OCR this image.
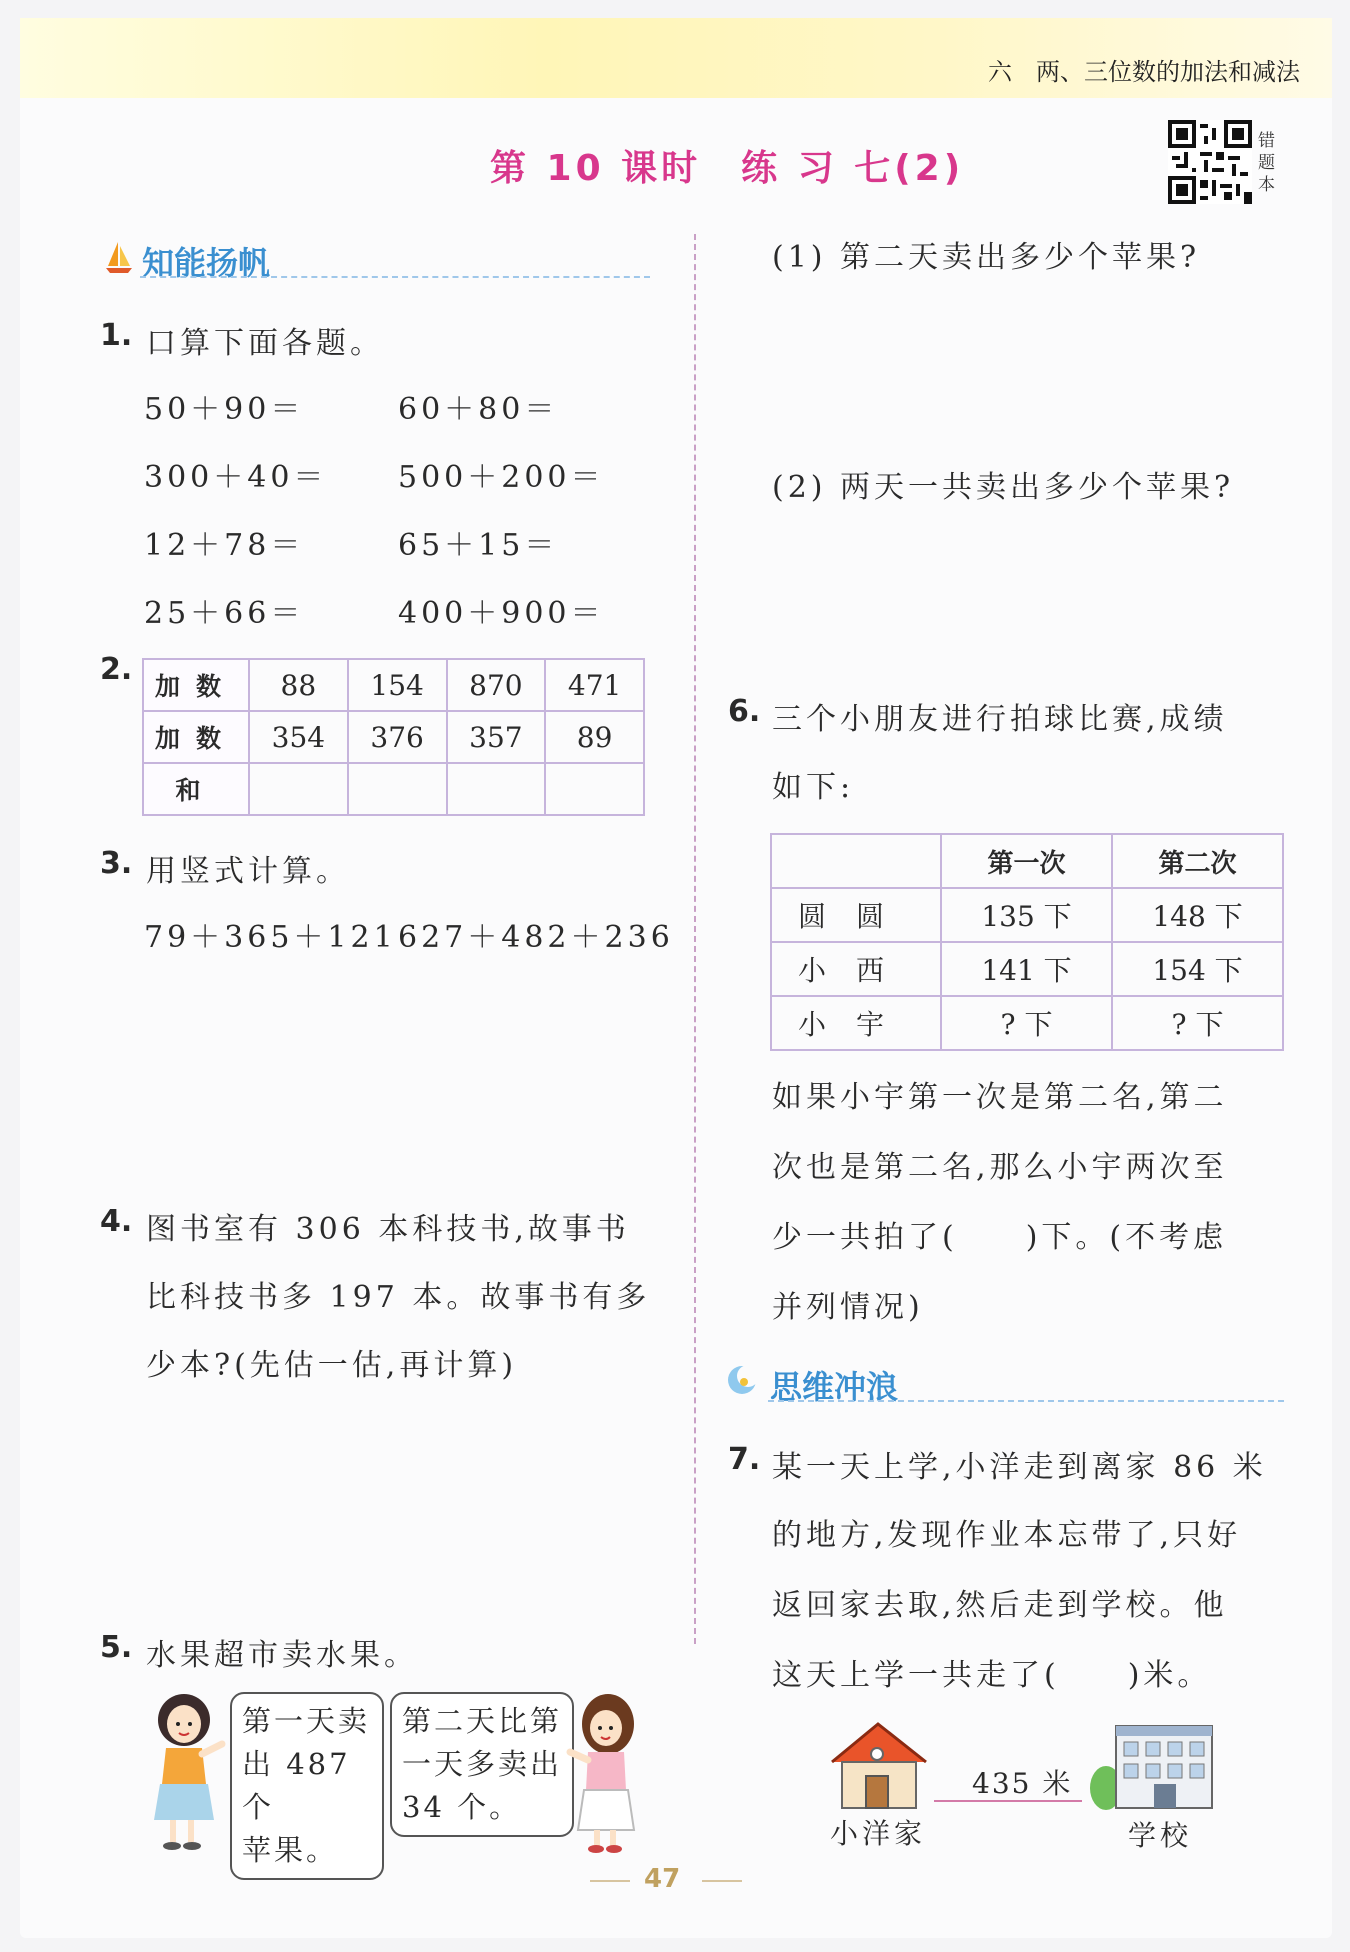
六　两、三位数的加法和减法
第 10 课时　练 习 七(2)
错题本
知能扬帆
1. 口算下面各题。
50＋90＝	60＋80＝
300＋40＝ 500＋200＝
12＋78＝	65＋15＝
25＋66＝	400＋900＝
2. 加数	88	154	870	471
加数	354	376	357	89
和				
3. 用竖式计算。
79＋365＋121 627＋482＋236
4. 图书室有 306 本科技书,故事书
比科技书多 197 本。故事书有多
少本?(先估一估,再计算)
5. 水果超市卖水果。
第一天卖
出 487 个
苹果。
第二天比第
一天多卖出
34 个。
(1) 第二天卖出多少个苹果?
(2) 两天一共卖出多少个苹果?
6. 三个小朋友进行拍球比赛,成绩
如下:
	第一次	第二次
圆圆	135 下	148 下
小西	141 下	154 下
小宇	? 下	? 下
如果小宇第一次是第二名,第二
次也是第二名,那么小宇两次至
少一共拍了(　　)下。(不考虑
并列情况)
思维冲浪
7. 某一天上学,小洋走到离家 86 米
的地方,发现作业本忘带了,只好
返回家去取,然后走到学校。他
这天上学一共走了(　　)米。
小洋家
435 米
学校
47
